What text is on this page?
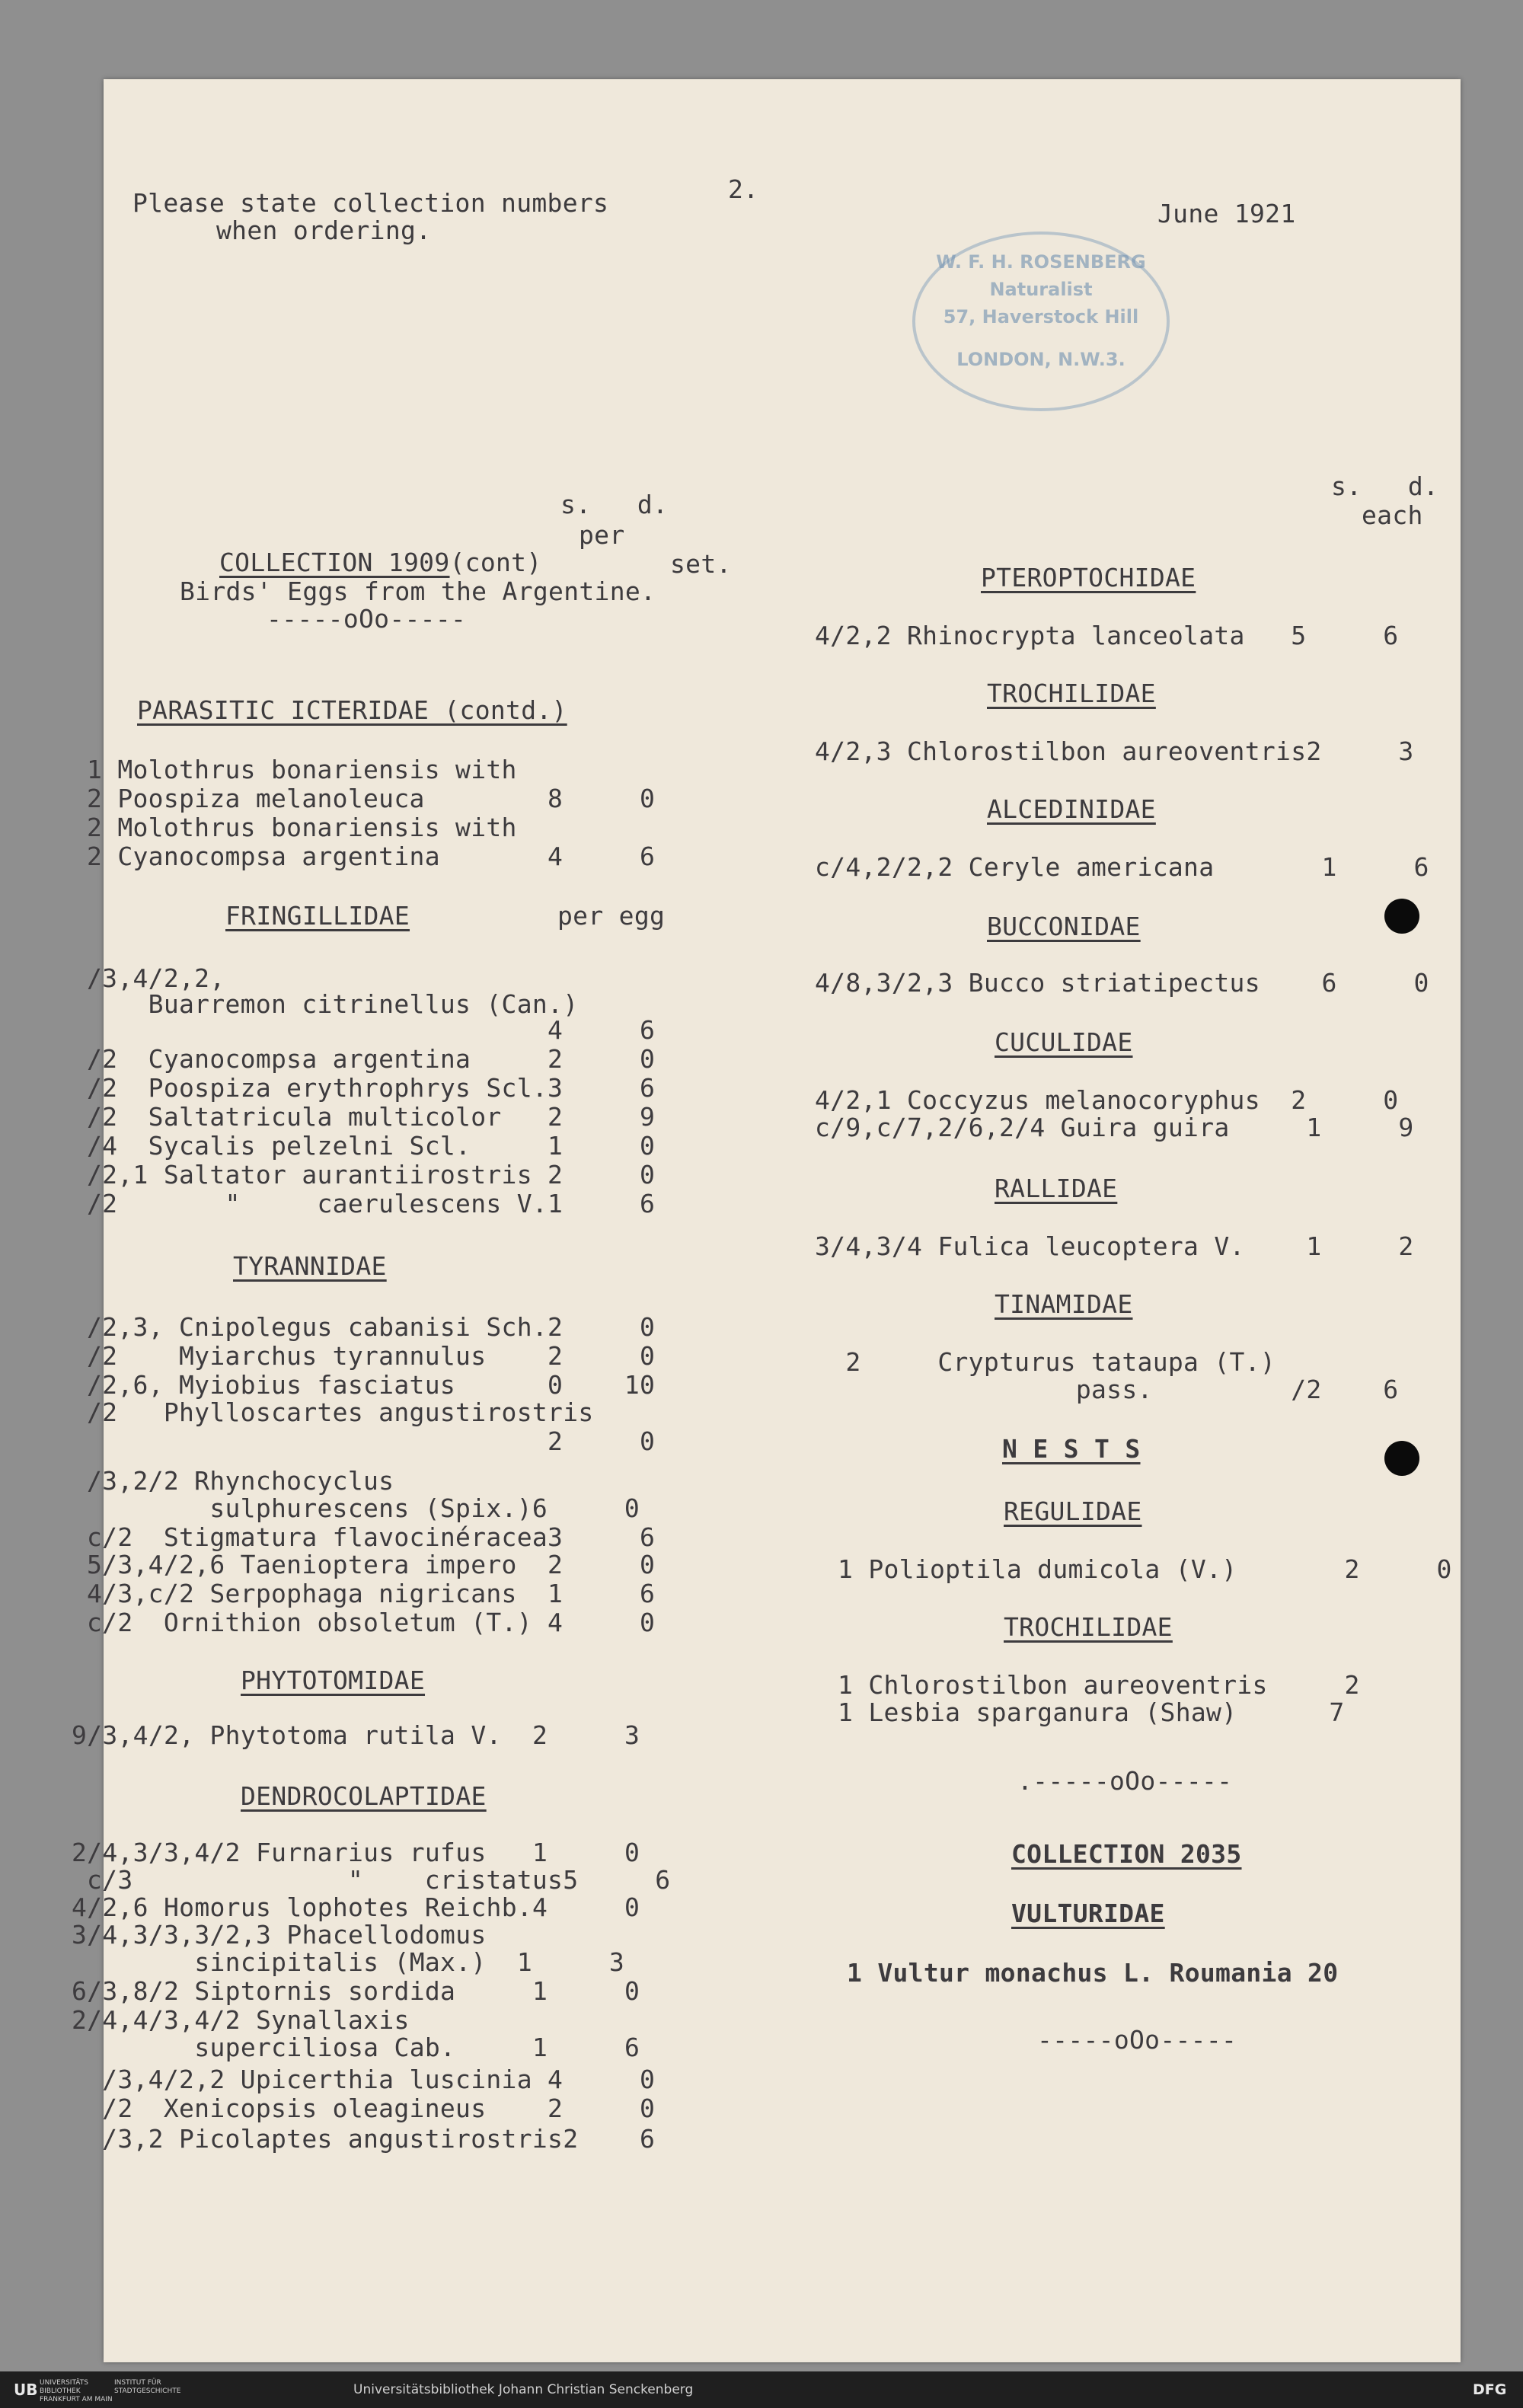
W. F. H. ROSENBERG
Naturalist
57, Haverstock Hill
LONDON, N.W.3.
2.
June 1921
Please state collection numbers
when ordering.
s.   d.
per
set.
COLLECTION 1909(cont)
Birds' Eggs from the Argentine.
-----oOo-----
PARASITIC ICTERIDAE (contd.)
1 Molothrus bonariensis with
2 Poospiza melanoleuca        8     0
2 Molothrus bonariensis with
2 Cyanocompsa argentina       4     6
FRINGILLIDAE	per egg
/3,4/2,2,
Buarremon citrinellus (Can.)
4     6
/2  Cyanocompsa argentina     2     0
/2  Poospiza erythrophrys Scl.3     6
/2  Saltatricula multicolor   2     9
/4  Sycalis pelzelni Scl.     1     0
/2,1 Saltator aurantiirostris 2     0
/2       "     caerulescens V.1     6
TYRANNIDAE
/2,3, Cnipolegus cabanisi Sch.2     0
/2    Myiarchus tyrannulus    2     0
/2,6, Myiobius fasciatus      0    10
/2   Phylloscartes angustirostris
2     0
/3,2/2 Rhynchocyclus
sulphurescens (Spix.)6     0
c/2  Stigmatura flavocinéracea3     6
5/3,4/2,6 Taenioptera impero  2     0
4/3,c/2 Serpophaga nigricans  1     6
c/2  Ornithion obsoletum (T.) 4     0
PHYTOTOMIDAE
9/3,4/2, Phytotoma rutila V.  2     3
DENDROCOLAPTIDAE
2/4,3/3,4/2 Furnarius rufus   1     0
c/3              "    cristatus5     6
4/2,6 Homorus lophotes Reichb.4     0
3/4,3/3,3/2,3 Phacellodomus
sincipitalis (Max.)  1     3
6/3,8/2 Siptornis sordida     1     0
2/4,4/3,4/2 Synallaxis
superciliosa Cab.     1     6
/3,4/2,2 Upicerthia luscinia 4     0
/2  Xenicopsis oleagineus    2     0
/3,2 Picolaptes angustirostris2    6
s.   d.
each
PTEROPTOCHIDAE
4/2,2 Rhinocrypta lanceolata   5     6
TROCHILIDAE
4/2,3 Chlorostilbon aureoventris2     3
ALCEDINIDAE
c/4,2/2,2 Ceryle americana       1     6
BUCCONIDAE
4/8,3/2,3 Bucco striatipectus    6     0
CUCULIDAE
4/2,1 Coccyzus melanocoryphus  2     0
c/9,c/7,2/6,2/4 Guira guira     1     9
RALLIDAE
3/4,3/4 Fulica leucoptera V.    1     2
TINAMIDAE
2     Crypturus tataupa (T.)
pass.         /2    6
N E S T S
REGULIDAE
1 Polioptila dumicola (V.)       2     0
TROCHILIDAE
1 Chlorostilbon aureoventris     2
1 Lesbia sparganura (Shaw)      7
.-----oOo-----
COLLECTION 2035
VULTURIDAE
1 Vultur monachus L. Roumania 20
-----oOo-----
UB UNIVERSITÄTS
BIBLIOTHEK
FRANKFURT AM MAIN
INSTITUT FÜR
STADTGESCHICHTE	Universitätsbibliothek Johann Christian Senckenberg	DFG
